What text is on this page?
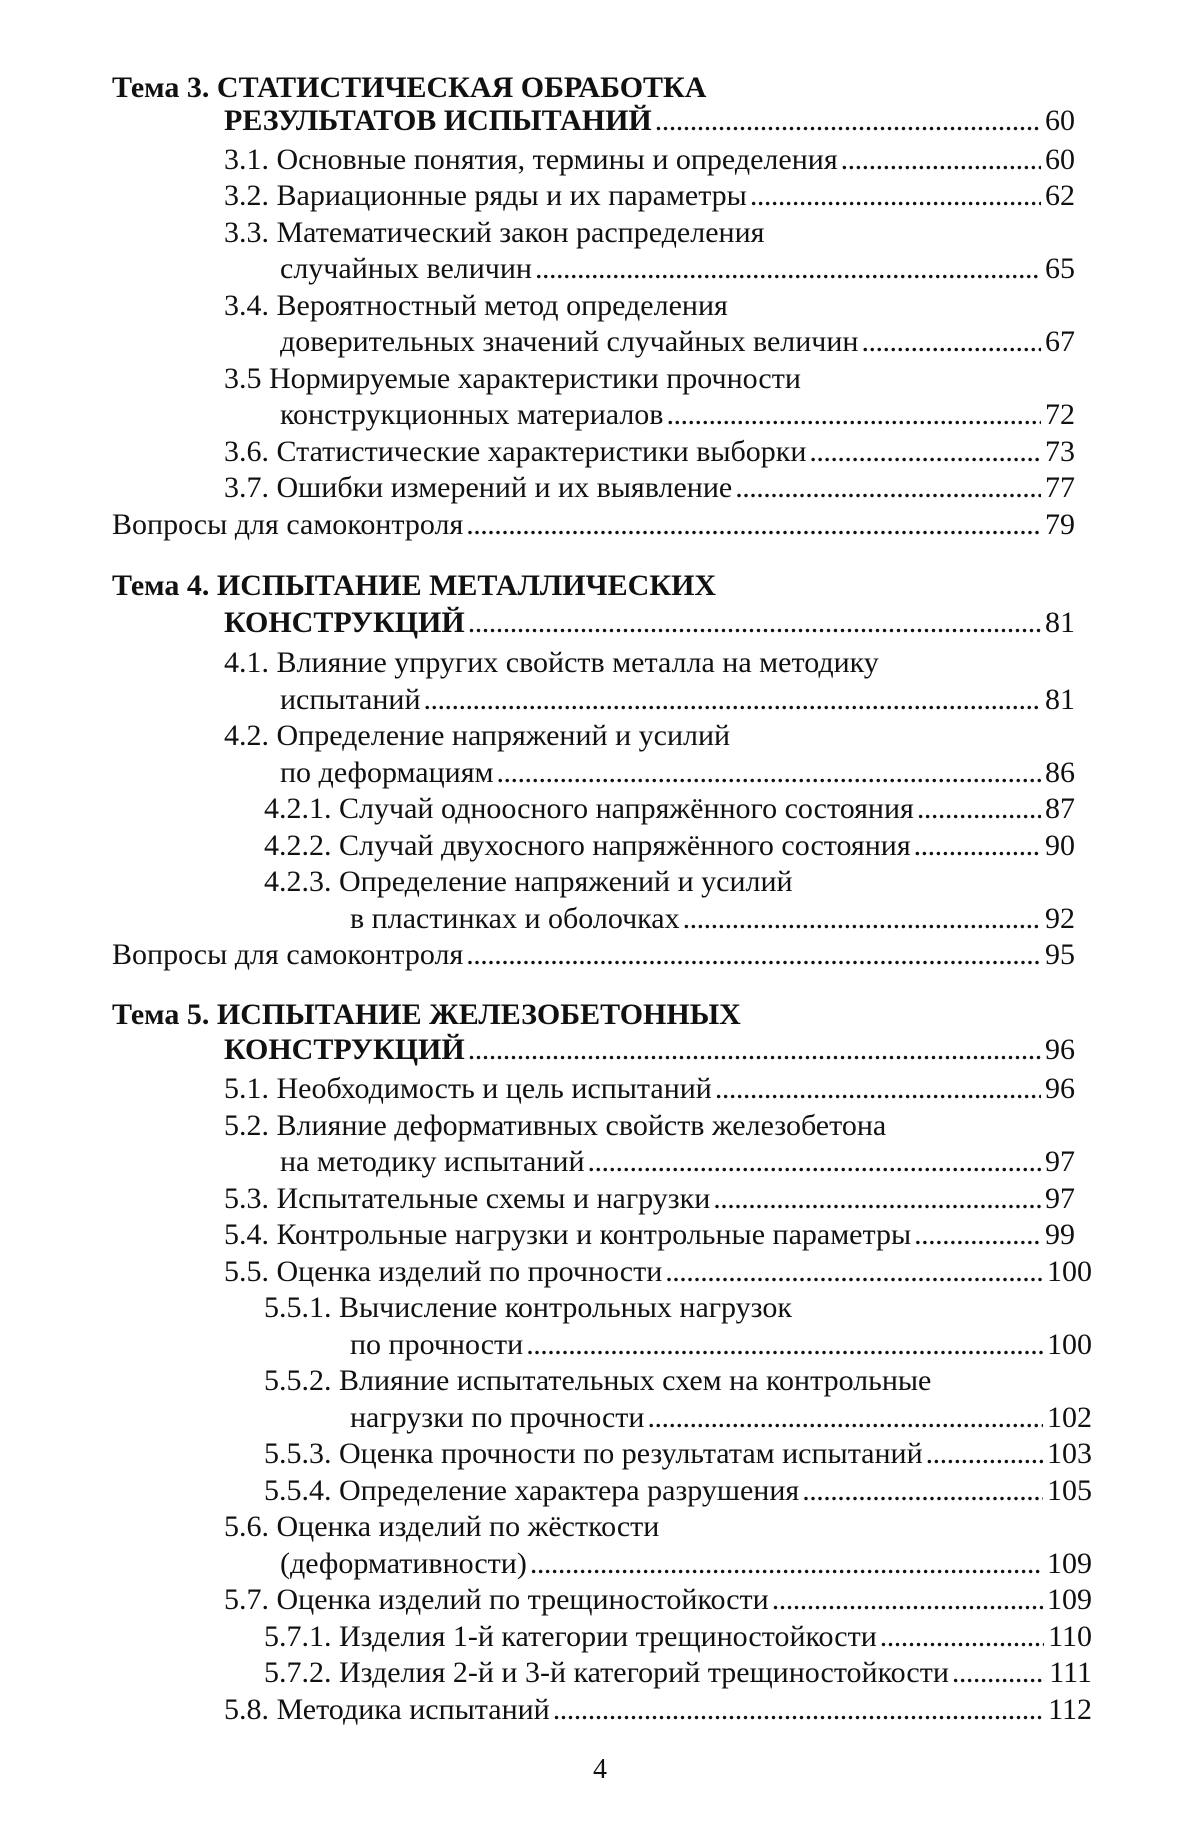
Тема 3.
СТАТИСТИЧЕСКАЯ ОБРАБОТКА
РЕЗУЛЬТАТОВ ИСПЫТАНИЙ . . .	60
3.1. Основные понятия, термины и определения . . .	60
3.2. Вариационные ряды и их параметры . . .	62
3.3. Математический закон распределения
случайных величин . . .	65
3.4. Вероятностный метод определения
доверительных значений случайных величин . . .	67
3.5 Нормируемые характеристики прочности
конструкционных материалов . . .	72
3.6. Статистические характеристики выборки . . .	73
3.7. Ошибки измерений и их выявление . . .	77
Вопросы для самоконтроля . . .	79
Тема 4.
ИСПЫТАНИЕ МЕТАЛЛИЧЕСКИХ
КОНСТРУКЦИЙ . . .	81
4.1. Влияние упругих свойств металла на методику
испытаний . . .	81
4.2. Определение напряжений и усилий
по деформациям . . .	86
4.2.1. Случай одноосного напряжённого состояния . . .	87
4.2.2. Случай двухосного напряжённого состояния . . .	90
4.2.3. Определение напряжений и усилий
в пластинках и оболочках . . .	92
Вопросы для самоконтроля . . .	95
Тема 5.
ИСПЫТАНИЕ ЖЕЛЕЗОБЕТОННЫХ
КОНСТРУКЦИЙ . . .	96
5.1. Необходимость и цель испытаний . . .	96
5.2. Влияние деформативных свойств железобетона
на методику испытаний . . .	97
5.3. Испытательные схемы и нагрузки . . .	97
5.4. Контрольные нагрузки и контрольные параметры . . .	99
5.5. Оценка изделий по прочности . . .	100
5.5.1. Вычисление контрольных нагрузок
по прочности . . .	100
5.5.2. Влияние испытательных схем на контрольные
нагрузки по прочности . . .	102
5.5.3. Оценка прочности по результатам испытаний . . .	103
5.5.4. Определение характера разрушения . . .	105
5.6. Оценка изделий по жёсткости
(деформативности) . . .	109
5.7. Оценка изделий по трещиностойкости . . .	109
5.7.1. Изделия 1-й категории трещиностойкости . . .	110
5.7.2. Изделия 2-й и 3-й категорий трещиностойкости . . .	111
5.8. Методика испытаний . . .	112
4
